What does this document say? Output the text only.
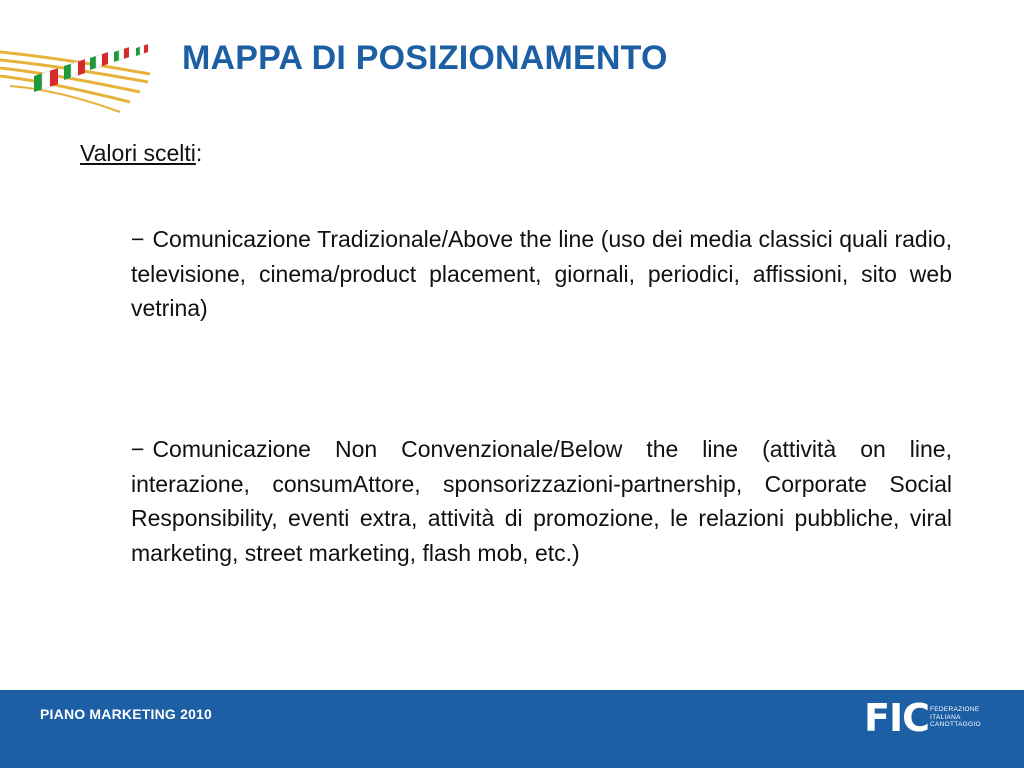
MAPPA DI POSIZIONAMENTO
Valori scelti:

− Comunicazione Tradizionale/Above the line (uso dei media classici quali radio, televisione, cinema/product placement, giornali, periodici, affissioni, sito web vetrina)

− Comunicazione Non Convenzionale/Below the line (attività on line, interazione, consumAttore, sponsorizzazioni-partnership, Corporate Social Responsibility, eventi extra, attività di promozione, le relazioni pubbliche, viral marketing, street marketing, flash mob, etc.)

PIANO MARKETING 2010	FIC FEDERAZIONE
ITALIANA
CANOTTAGGIO
